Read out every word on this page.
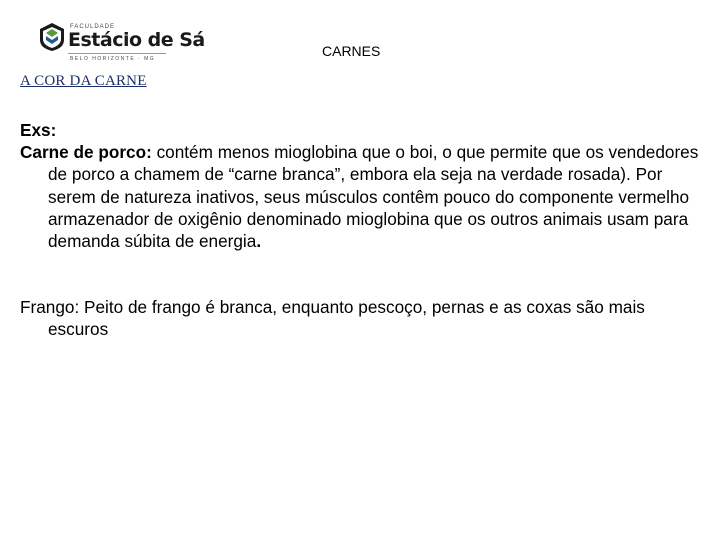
FACULDADE
Estácio de Sá
BELO HORIZONTE · MG	CARNES
A COR DA CARNE
Exs:
Carne de porco: contém menos mioglobina que o boi, o que permite que os vendedores de porco a chamem de “carne branca”, embora ela seja na verdade rosada). Por serem de natureza inativos, seus músculos contêm pouco do componente vermelho armazenador de oxigênio denominado mioglobina que os outros animais usam para demanda súbita de energia.
Frango: Peito de frango é branca, enquanto pescoço, pernas e as coxas são mais escuros
